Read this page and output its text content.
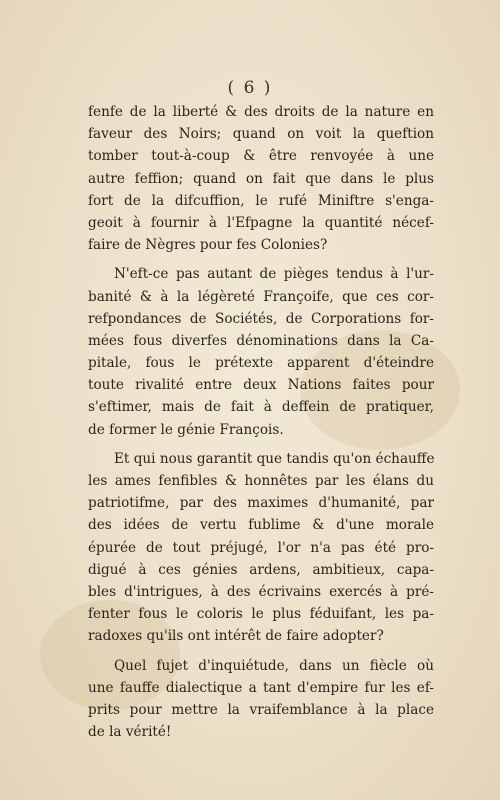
( 6 )
fenfe de la liberté & des droits de la nature en
faveur des Noirs; quand on voit la queftion
tomber tout-à-coup & être renvoyée à une
autre feffion; quand on fait que dans le plus
fort de la difcuffion, le rufé Miniftre s'enga-
geoit à fournir à l'Efpagne la quantité nécef-
faire de Nègres pour fes Colonies?
N'eft-ce pas autant de pièges tendus à l'ur-
banité & à la légèreté Françoife, que ces cor-
refpondances de Sociétés, de Corporations for-
mées fous diverfes dénominations dans la Ca-
pitale, fous le prétexte apparent d'éteindre
toute rivalité entre deux Nations faites pour
s'eftimer, mais de fait à deffein de pratiquer,
de former le génie François.
Et qui nous garantit que tandis qu'on échauffe
les ames fenfibles & honnêtes par les élans du
patriotifme, par des maximes d'humanité, par
des idées de vertu fublime & d'une morale
épurée de tout préjugé, l'or n'a pas été pro-
digué à ces génies ardens, ambitieux, capa-
bles d'intrigues, à des écrivains exercés à pré-
fenter fous le coloris le plus féduifant, les pa-
radoxes qu'ils ont intérêt de faire adopter?
Quel fujet d'inquiétude, dans un fiècle où
une fauffe dialectique a tant d'empire fur les ef-
prits pour mettre la vraifemblance à la place
de la vérité!
